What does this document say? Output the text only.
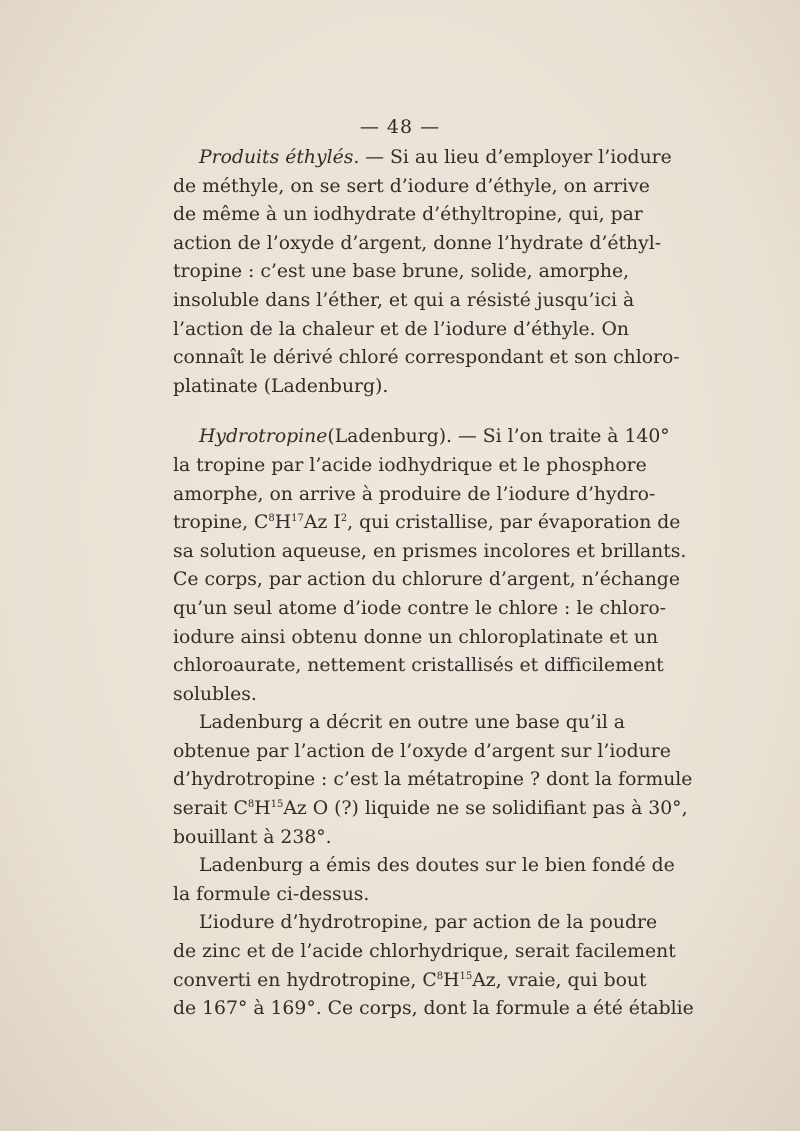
— 48 —
Produits éthylés. — Si au lieu d’employer l’iodure
de méthyle, on se sert d’iodure d’éthyle, on arrive
de même à un iodhydrate d’éthyltropine, qui, par
action de l’oxyde d’argent, donne l’hydrate d’éthyl-
tropine : c’est une base brune, solide, amorphe,
insoluble dans l’éther, et qui a résisté jusqu’ici à
l’action de la chaleur et de l’iodure d’éthyle. On
connaît le dérivé chloré correspondant et son chloro-
platinate (Ladenburg).
Hydrotropine(Ladenburg). — Si l’on traite à 140°
la tropine par l’acide iodhydrique et le phosphore
amorphe, on arrive à produire de l’iodure d’hydro-
tropine, $C^8H^{17}Az$ $I^2$, qui cristallise, par évaporation de
sa solution aqueuse, en prismes incolores et brillants.
Ce corps, par action du chlorure d’argent, n’échange
qu’un seul atome d’iode contre le chlore : le chloro-
iodure ainsi obtenu donne un chloroplatinate et un
chloroaurate, nettement cristallisés et difficilement
solubles.
Ladenburg a décrit en outre une base qu’il a
obtenue par l’action de l’oxyde d’argent sur l’iodure
d’hydrotropine : c’est la métatropine ? dont la formule
serait $C^8H^{15}Az$ O (?) liquide ne se solidifiant pas à 30°,
bouillant à 238°.
Ladenburg a émis des doutes sur le bien fondé de
la formule ci-dessus.
L’iodure d’hydrotropine, par action de la poudre
de zinc et de l’acide chlorhydrique, serait facilement
converti en hydrotropine, $C^8H^{15}Az$, vraie, qui bout
de 167° à 169°. Ce corps, dont la formule a été établie
